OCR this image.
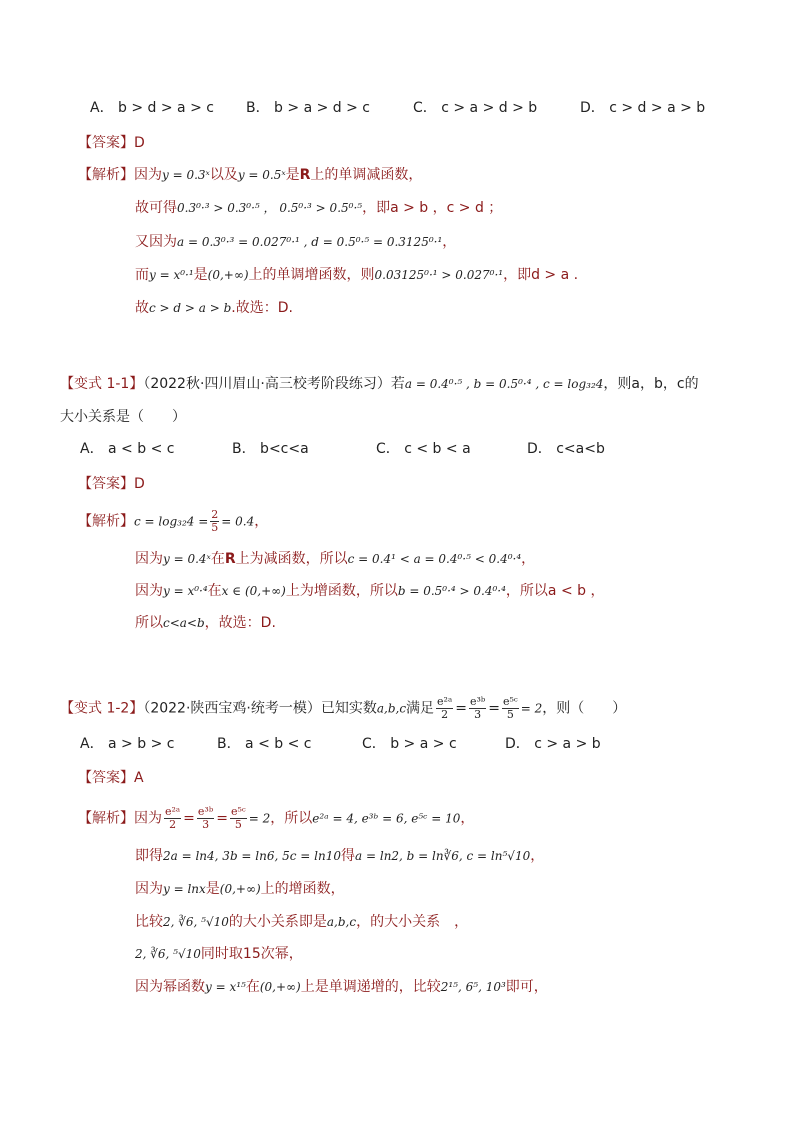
A． b > d > a > c B． b > a > d > c	C． c > a > d > b	D． c > d > a > b
【答案】D
【解析】因为y = 0.3ˣ以及y = 0.5ˣ是R上的单调减函数，
故可得0.3⁰·³ > 0.3⁰·⁵ ， 0.5⁰·³ > 0.5⁰·⁵，即a > b ，c > d ；
又因为a = 0.3⁰·³ = 0.027⁰·¹ , d = 0.5⁰·⁵ = 0.3125⁰·¹，
而y = x⁰·¹是(0,+∞)上的单调增函数，则0.03125⁰·¹ > 0.027⁰·¹，即d > a .
故c > d > a > b.故选：D.
【变式 1-1】（2022秋·四川眉山·高三校考阶段练习）若a = 0.4⁰·⁵ , b = 0.5⁰·⁴ , c = log₃₂4，则a，b，c的
大小关系是（　　）
A． a < b < c	B． b<c<a	C． c < b < a	D． c<a<b
【答案】D
【解析】$c = \log_{32}4 = \frac{2}{5} = 0.4$，
因为y = 0.4ˣ在R上为减函数，所以c = 0.4¹ < a = 0.4⁰·⁵ < 0.4⁰·⁴，
因为y = x⁰·⁴在x ∈ (0,+∞)上为增函数，所以b = 0.5⁰·⁴ > 0.4⁰·⁴，所以a < b ，
所以c<a<b，故选：D.
【变式 1-2】（2022·陕西宝鸡·统考一模）已知实数a,b,c满足 $\frac{\text{e²ᵃ}}{2} = \frac{\text{e³ᵇ}}{3} = \frac{\text{e⁵ᶜ}}{5} = 2$，则（　　）
A． a > b > c	B． a < b < c	C． b > a > c	D． c > a > b
【答案】A
【解析】因为 $\frac{\text{e²ᵃ}}{2} = \frac{\text{e³ᵇ}}{3} = \frac{\text{e⁵ᶜ}}{5} = 2$，所以e²ᵃ = 4, e³ᵇ = 6, e⁵ᶜ = 10，
即得2a = ln4, 3b = ln6, 5c = ln10得a = ln2, b = ln∛6, c = ln⁵√10，
因为y = lnx是(0,+∞)上的增函数，
比较2, ∛6, ⁵√10的大小关系即是a,b,c，的大小关系　，
2, ∛6, ⁵√10同时取15次幂，
因为幂函数y = x¹⁵在(0,+∞)上是单调递增的，比较2¹⁵, 6⁵, 10³即可，
